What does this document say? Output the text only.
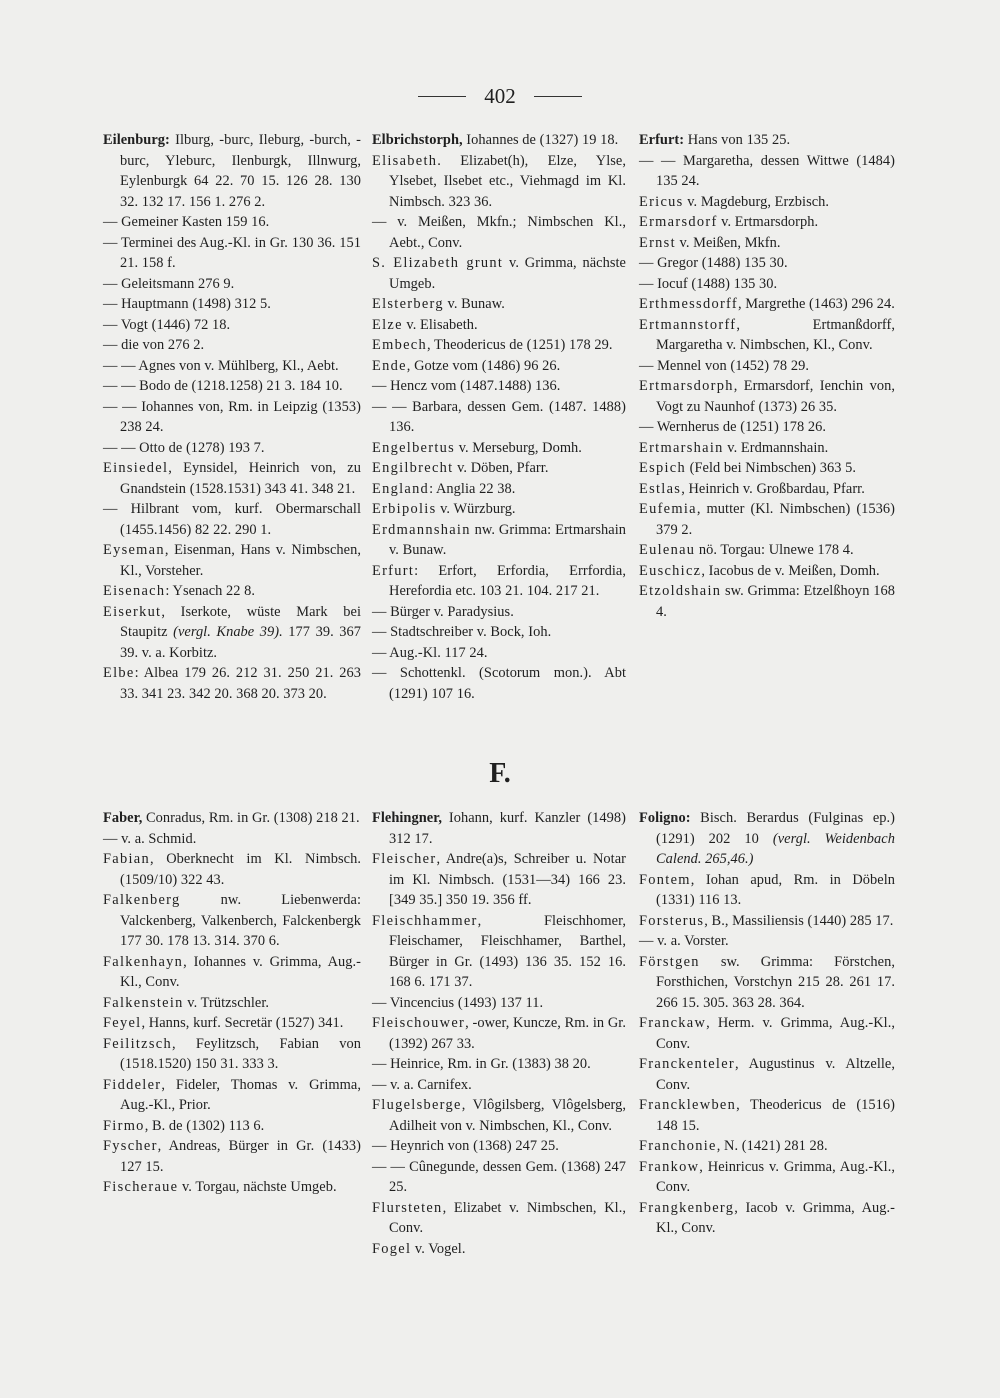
402

Eilenburg: Ilburg, -burc, Ileburg, -burch, -burc, Yleburc, Ilenburgk, Illnwurg, Eylenburgk 64 22. 70 15. 126 28. 130 32. 132 17. 156 1. 276 2.

— Gemeiner Kasten 159 16.

— Terminei des Aug.-Kl. in Gr. 130 36. 151 21. 158 f.

— Geleitsmann 276 9.

— Hauptmann (1498) 312 5.

— Vogt (1446) 72 18.

— die von 276 2.

— — Agnes von v. Mühlberg, Kl., Aebt.

— — Bodo de (1218.1258) 21 3. 184 10.

— — Iohannes von, Rm. in Leipzig (1353) 238 24.

— — Otto de (1278) 193 7.

Einsiedel, Eynsidel, Heinrich von, zu Gnandstein (1528.1531) 343 41. 348 21.

— Hilbrant vom, kurf. Obermarschall (1455.1456) 82 22. 290 1.

Eyseman, Eisenman, Hans v. Nimbschen, Kl., Vorsteher.

Eisenach: Ysenach 22 8.

Eiserkut, Iserkote, wüste Mark bei Staupitz (vergl. Knabe 39). 177 39. 367 39. v. a. Korbitz.

Elbe: Albea 179 26. 212 31. 250 21. 263 33. 341 23. 342 20. 368 20. 373 20.

Elbrichstorph, Iohannes de (1327) 19 18.

Elisabeth. Elizabet(h), Elze, Ylse, Ylsebet, Ilsebet etc., Viehmagd im Kl. Nimbsch. 323 36.

— v. Meißen, Mkfn.; Nimbschen Kl., Aebt., Conv.

S. Elizabeth grunt v. Grimma, nächste Umgeb.

Elsterberg v. Bunaw.

Elze v. Elisabeth.

Embech, Theodericus de (1251) 178 29.

Ende, Gotze vom (1486) 96 26.

— Hencz vom (1487.1488) 136.

— — Barbara, dessen Gem. (1487. 1488) 136.

Engelbertus v. Merseburg, Domh.

Engilbrecht v. Döben, Pfarr.

England: Anglia 22 38.

Erbipolis v. Würzburg.

Erdmannshain nw. Grimma: Ertmarshain v. Bunaw.

Erfurt: Erfort, Erfordia, Errfordia, Herefordia etc. 103 21. 104. 217 21.

— Bürger v. Paradysius.

— Stadtschreiber v. Bock, Ioh.

— Aug.-Kl. 117 24.

— Schottenkl. (Scotorum mon.). Abt (1291) 107 16.

Erfurt: Hans von 135 25.

— — Margaretha, dessen Wittwe (1484) 135 24.

Ericus v. Magdeburg, Erzbisch.

Ermarsdorf v. Ertmarsdorph.

Ernst v. Meißen, Mkfn.

— Gregor (1488) 135 30.

— Iocuf (1488) 135 30.

Erthmessdorff, Margrethe (1463) 296 24.

Ertmannstorff, Ertmanßdorff, Margaretha v. Nimbschen, Kl., Conv.

— Mennel von (1452) 78 29.

Ertmarsdorph, Ermarsdorf, Ienchin von, Vogt zu Naunhof (1373) 26 35.

— Wernherus de (1251) 178 26.

Ertmarshain v. Erdmannshain.

Espich (Feld bei Nimbschen) 363 5.

Estlas, Heinrich v. Großbardau, Pfarr.

Eufemia, mutter (Kl. Nimbschen) (1536) 379 2.

Eulenau nö. Torgau: Ulnewe 178 4.

Euschicz, Iacobus de v. Meißen, Domh.

Etzoldshain sw. Grimma: Etzelßhoyn 168 4.

F.

Faber, Conradus, Rm. in Gr. (1308) 218 21.

— v. a. Schmid.

Fabian, Oberknecht im Kl. Nimbsch. (1509/10) 322 43.

Falkenberg nw. Liebenwerda: Valckenberg, Valkenberch, Falckenbergk 177 30. 178 13. 314. 370 6.

Falkenhayn, Iohannes v. Grimma, Aug.-Kl., Conv.

Falkenstein v. Trützschler.

Feyel, Hanns, kurf. Secretär (1527) 341.

Feilitzsch, Feylitzsch, Fabian von (1518.1520) 150 31. 333 3.

Fiddeler, Fideler, Thomas v. Grimma, Aug.-Kl., Prior.

Firmo, B. de (1302) 113 6.

Fyscher, Andreas, Bürger in Gr. (1433) 127 15.

Fischeraue v. Torgau, nächste Umgeb.

Flehingner, Iohann, kurf. Kanzler (1498) 312 17.

Fleischer, Andre(a)s, Schreiber u. Notar im Kl. Nimbsch. (1531—34) 166 23. [349 35.] 350 19. 356 ff.

Fleischhammer, Fleischhomer, Fleischamer, Fleischhamer, Barthel, Bürger in Gr. (1493) 136 35. 152 16. 168 6. 171 37.

— Vincencius (1493) 137 11.

Fleischouwer, -ower, Kuncze, Rm. in Gr. (1392) 267 33.

— Heinrice, Rm. in Gr. (1383) 38 20.

— v. a. Carnifex.

Flugelsberge, Vlôgilsberg, Vlôgelsberg, Adilheit von v. Nimbschen, Kl., Conv.

— Heynrich von (1368) 247 25.

— — Cûnegunde, dessen Gem. (1368) 247 25.

Flursteten, Elizabet v. Nimbschen, Kl., Conv.

Fogel v. Vogel.

Foligno: Bisch. Berardus (Fulginas ep.) (1291) 202 10 (vergl. Weidenbach Calend. 265,46.)

Fontem, Iohan apud, Rm. in Döbeln (1331) 116 13.

Forsterus, B., Massiliensis (1440) 285 17.

— v. a. Vorster.

Förstgen sw. Grimma: Förstchen, Forsthichen, Vorstchyn 215 28. 261 17. 266 15. 305. 363 28. 364.

Franckaw, Herm. v. Grimma, Aug.-Kl., Conv.

Franckenteler, Augustinus v. Altzelle, Conv.

Francklewben, Theodericus de (1516) 148 15.

Franchonie, N. (1421) 281 28.

Frankow, Heinricus v. Grimma, Aug.-Kl., Conv.

Frangkenberg, Iacob v. Grimma, Aug.-Kl., Conv.
